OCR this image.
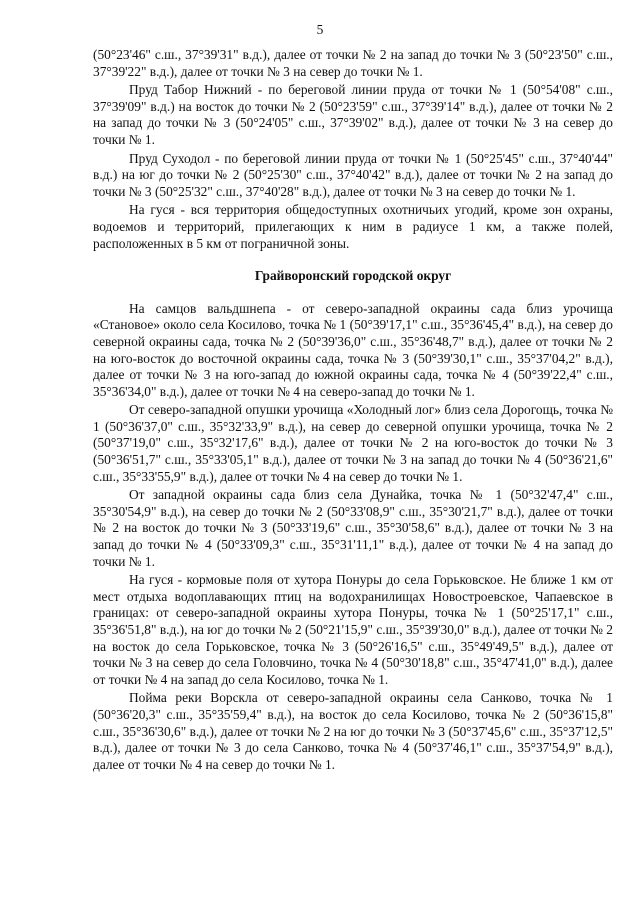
5

(50°23'46" с.ш., 37°39'31" в.д.), далее от точки № 2 на запад до точки № 3 (50°23'50" с.ш., 37°39'22" в.д.), далее от точки № 3 на север до точки № 1.

Пруд Табор Нижний - по береговой линии пруда от точки № 1 (50°54'08" с.ш., 37°39'09" в.д.) на восток до точки № 2 (50°23'59" с.ш., 37°39'14" в.д.), далее от точки № 2 на запад до точки № 3 (50°24'05" с.ш., 37°39'02" в.д.), далее от точки № 3 на север до точки № 1.

Пруд Суходол - по береговой линии пруда от точки № 1 (50°25'45" с.ш., 37°40'44" в.д.) на юг до точки № 2 (50°25'30" с.ш., 37°40'42" в.д.), далее от точки № 2 на запад до точки № 3 (50°25'32" с.ш., 37°40'28" в.д.), далее от точки № 3 на север до точки № 1.

На гуся - вся территория общедоступных охотничьих угодий, кроме зон охраны, водоемов и территорий, прилегающих к ним в радиусе 1 км, а также полей, расположенных в 5 км от пограничной зоны.

Грайворонский городской округ

На самцов вальдшнепа - от северо-западной окраины сада близ урочища «Становое» около села Косилово, точка № 1 (50°39'17,1" с.ш., 35°36'45,4" в.д.), на север до северной окраины сада, точка № 2 (50°39'36,0" с.ш., 35°36'48,7" в.д.), далее от точки № 2 на юго-восток до восточной окраины сада, точка № 3 (50°39'30,1" с.ш., 35°37'04,2" в.д.), далее от точки № 3 на юго-запад до южной окраины сада, точка № 4 (50°39'22,4" с.ш., 35°36'34,0" в.д.), далее от точки № 4 на северо-запад до точки № 1.

От северо-западной опушки урочища «Холодный лог» близ села Дорогощь, точка № 1 (50°36'37,0" с.ш., 35°32'33,9" в.д.), на север до северной опушки урочища, точка № 2 (50°37'19,0" с.ш., 35°32'17,6" в.д.), далее от точки № 2 на юго-восток до точки № 3 (50°36'51,7" с.ш., 35°33'05,1" в.д.), далее от точки № 3 на запад до точки № 4 (50°36'21,6" с.ш., 35°33'55,9" в.д.), далее от точки № 4 на север до точки № 1.

От западной окраины сада близ села Дунайка, точка № 1 (50°32'47,4" с.ш., 35°30'54,9" в.д.), на север до точки № 2 (50°33'08,9" с.ш., 35°30'21,7" в.д.), далее от точки № 2 на восток до точки № 3 (50°33'19,6" с.ш., 35°30'58,6" в.д.), далее от точки № 3 на запад до точки № 4 (50°33'09,3" с.ш., 35°31'11,1" в.д.), далее от точки № 4 на запад до точки № 1.

На гуся - кормовые поля от хутора Понуры до села Горьковское. Не ближе 1 км от мест отдыха водоплавающих птиц на водохранилищах Новостроевское, Чапаевское в границах: от северо-западной окраины хутора Понуры, точка № 1 (50°25'17,1" с.ш., 35°36'51,8" в.д.), на юг до точки № 2 (50°21'15,9" с.ш., 35°39'30,0" в.д.), далее от точки № 2 на восток до села Горьковское, точка № 3 (50°26'16,5" с.ш., 35°49'49,5" в.д.), далее от точки № 3 на север до села Головчино, точка № 4 (50°30'18,8" с.ш., 35°47'41,0" в.д.), далее от точки № 4 на запад до села Косилово, точка № 1.

Пойма реки Ворскла от северо-западной окраины села Санково, точка № 1 (50°36'20,3" с.ш., 35°35'59,4" в.д.), на восток до села Косилово, точка № 2 (50°36'15,8" с.ш., 35°36'30,6" в.д.), далее от точки № 2 на юг до точки № 3 (50°37'45,6" с.ш., 35°37'12,5" в.д.), далее от точки № 3 до села Санково, точка № 4 (50°37'46,1" с.ш., 35°37'54,9" в.д.), далее от точки № 4 на север до точки № 1.
